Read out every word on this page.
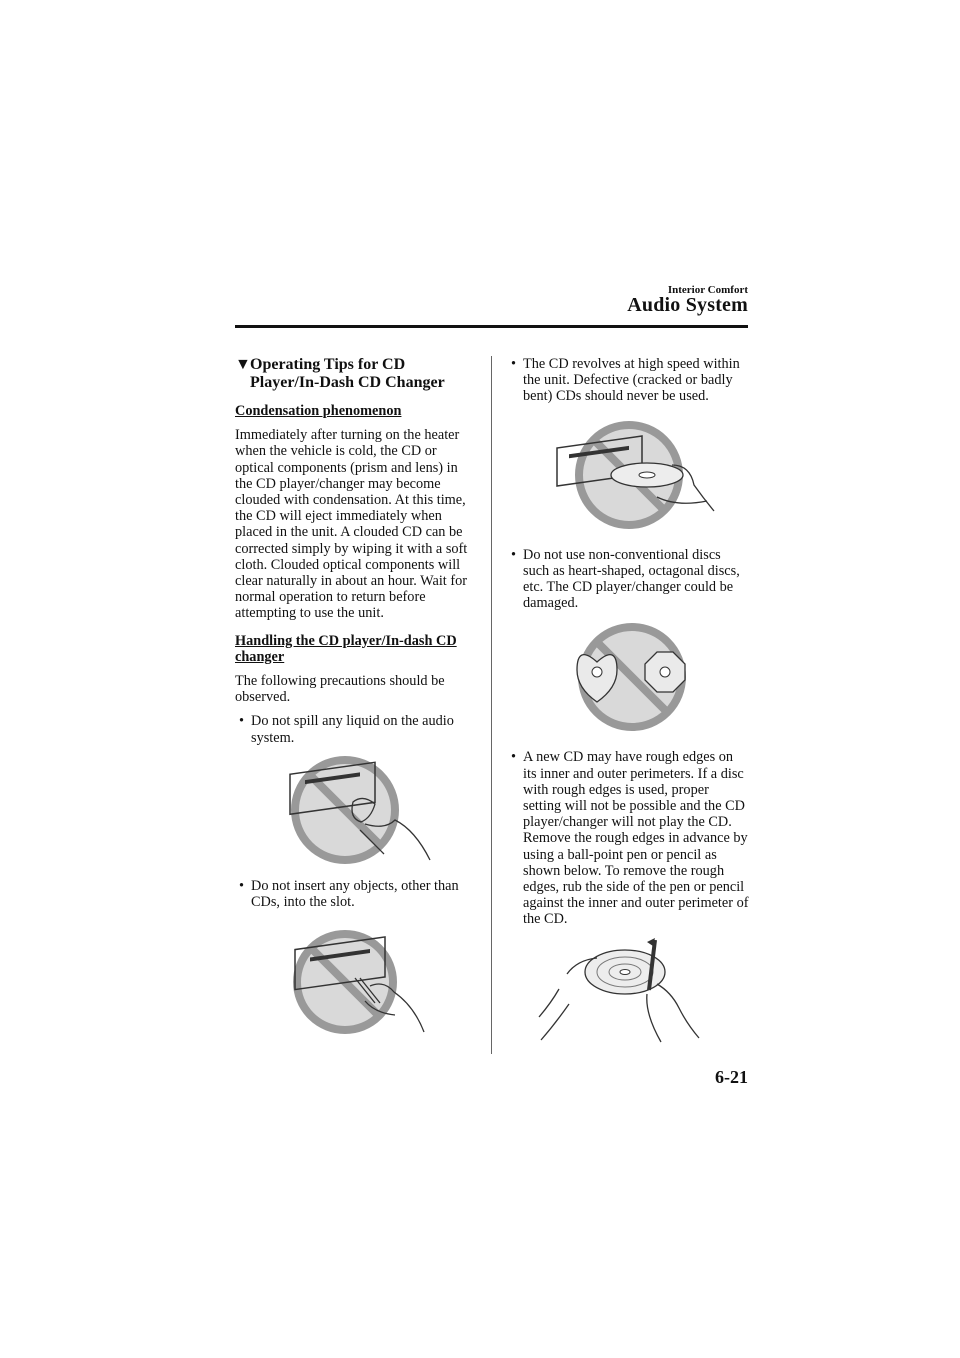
Interior Comfort
Audio System
▼ Operating Tips for CD Player/In-Dash CD Changer
Condensation phenomenon
Immediately after turning on the heater when the vehicle is cold, the CD or optical components (prism and lens) in the CD player/changer may become clouded with condensation. At this time, the CD will eject immediately when placed in the unit. A clouded CD can be corrected simply by wiping it with a soft cloth. Clouded optical components will clear naturally in about an hour. Wait for normal operation to return before attempting to use the unit.
Handling the CD player/In-dash CD changer
The following precautions should be observed.
• Do not spill any liquid on the audio system.
• Do not insert any objects, other than CDs, into the slot.
• The CD revolves at high speed within the unit. Defective (cracked or badly bent) CDs should never be used.
• Do not use non-conventional discs such as heart-shaped, octagonal discs, etc. The CD player/changer could be damaged.
• A new CD may have rough edges on its inner and outer perimeters. If a disc with rough edges is used, proper setting will not be possible and the CD player/changer will not play the CD. Remove the rough edges in advance by using a ball-point pen or pencil as shown below. To remove the rough edges, rub the side of the pen or pencil against the inner and outer perimeter of the CD.
6-21
